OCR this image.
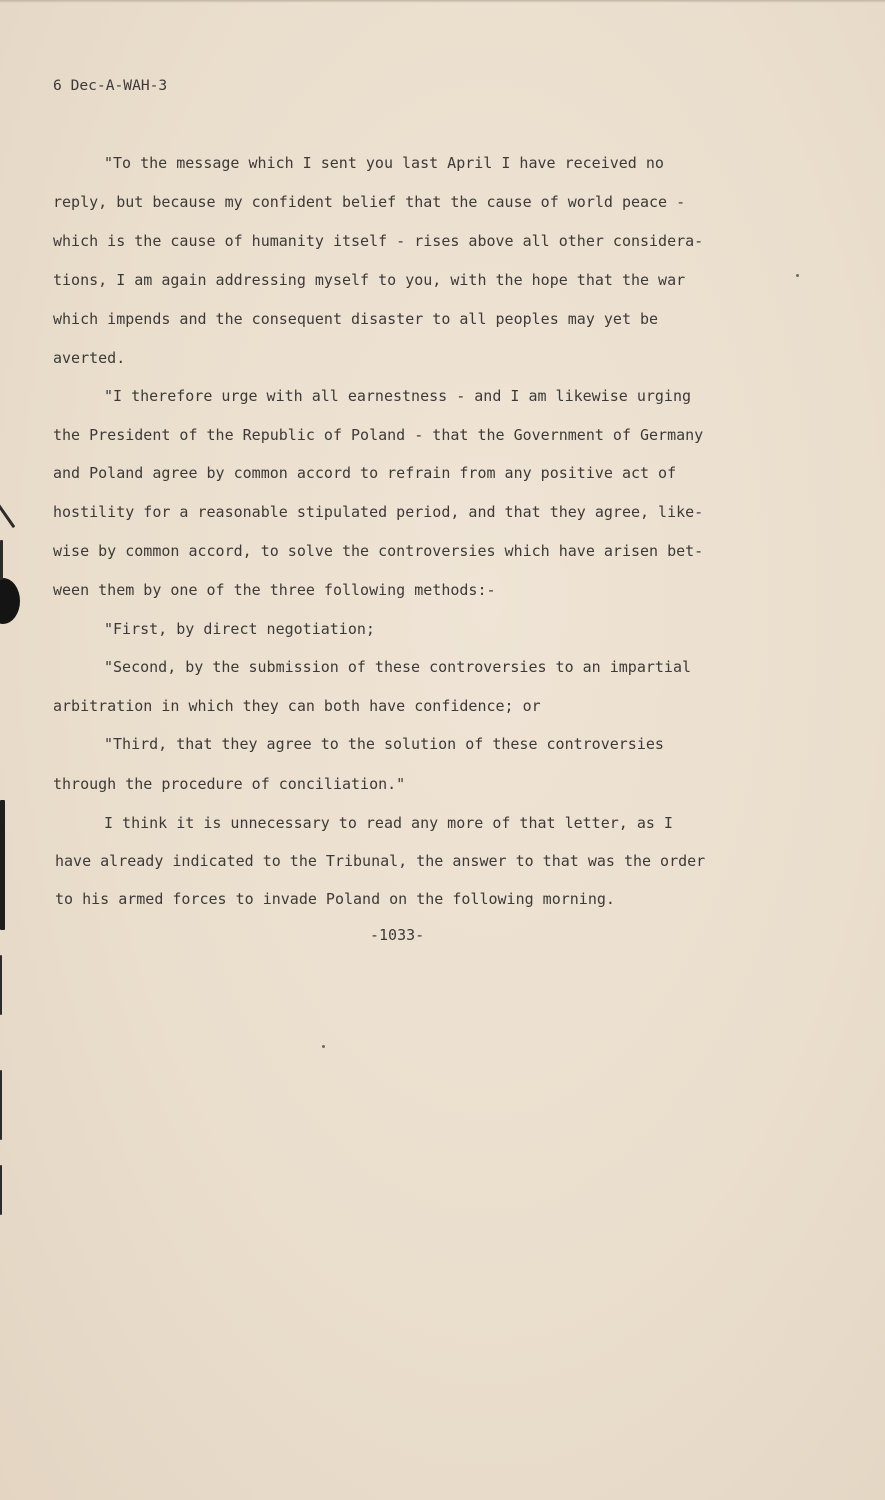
6 Dec-A-WAH-3
"To the message which I sent you last April I have received no
reply, but because my confident belief that the cause of world peace -
which is the cause of humanity itself - rises above all other considera-
tions, I am again addressing myself to you, with the hope that the war
which impends and the consequent disaster to all peoples may yet be
averted.
"I therefore urge with all earnestness - and I am likewise urging
the President of the Republic of Poland - that the Government of Germany
and Poland agree by common accord to refrain from any positive act of
hostility for a reasonable stipulated period, and that they agree, like-
wise by common accord, to solve the controversies which have arisen bet-
ween them by one of the three following methods:-
"First, by direct negotiation;
"Second, by the submission of these controversies to an impartial
arbitration in which they can both have confidence; or
"Third, that they agree to the solution of these controversies
through the procedure of conciliation."
I think it is unnecessary to read any more of that letter, as I
have already indicated to the Tribunal, the answer to that was the order
to his armed forces to invade Poland on the following morning.
-1033-
